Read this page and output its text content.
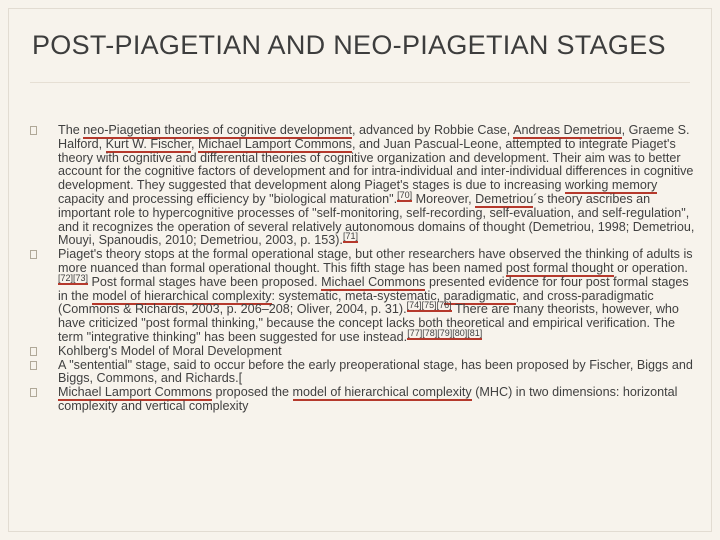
POST-PIAGETIAN AND NEO-PIAGETIAN STAGES
The neo-Piagetian theories of cognitive development, advanced by Robbie Case, Andreas Demetriou, Graeme S. Halford, Kurt W. Fischer, Michael Lamport Commons, and Juan Pascual-Leone, attempted to integrate Piaget's theory with cognitive and differential theories of cognitive organization and development. Their aim was to better account for the cognitive factors of development and for intra-individual and inter-individual differences in cognitive development. They suggested that development along Piaget's stages is due to increasing working memory capacity and processing efficiency by "biological maturation".[70] Moreover, Demetriou´s theory ascribes an important role to hypercognitive processes of "self-monitoring, self-recording, self-evaluation, and self-regulation", and it recognizes the operation of several relatively autonomous domains of thought (Demetriou, 1998; Demetriou, Mouyi, Spanoudis, 2010; Demetriou, 2003, p. 153).[71]
Piaget's theory stops at the formal operational stage, but other researchers have observed the thinking of adults is more nuanced than formal operational thought. This fifth stage has been named post formal thought or operation.[72][73] Post formal stages have been proposed. Michael Commons presented evidence for four post formal stages in the model of hierarchical complexity: systematic, meta-systematic, paradigmatic, and cross-paradigmatic (Commons & Richards, 2003, p. 206–208; Oliver, 2004, p. 31).[74][75][76] There are many theorists, however, who have criticized "post formal thinking," because the concept lacks both theoretical and empirical verification. The term "integrative thinking" has been suggested for use instead.[77][78][79][80][81]
Kohlberg's Model of Moral Development
A "sentential" stage, said to occur before the early preoperational stage, has been proposed by Fischer, Biggs and Biggs, Commons, and Richards.[
Michael Lamport Commons proposed the model of hierarchical complexity (MHC) in two dimensions: horizontal complexity and vertical complexity
